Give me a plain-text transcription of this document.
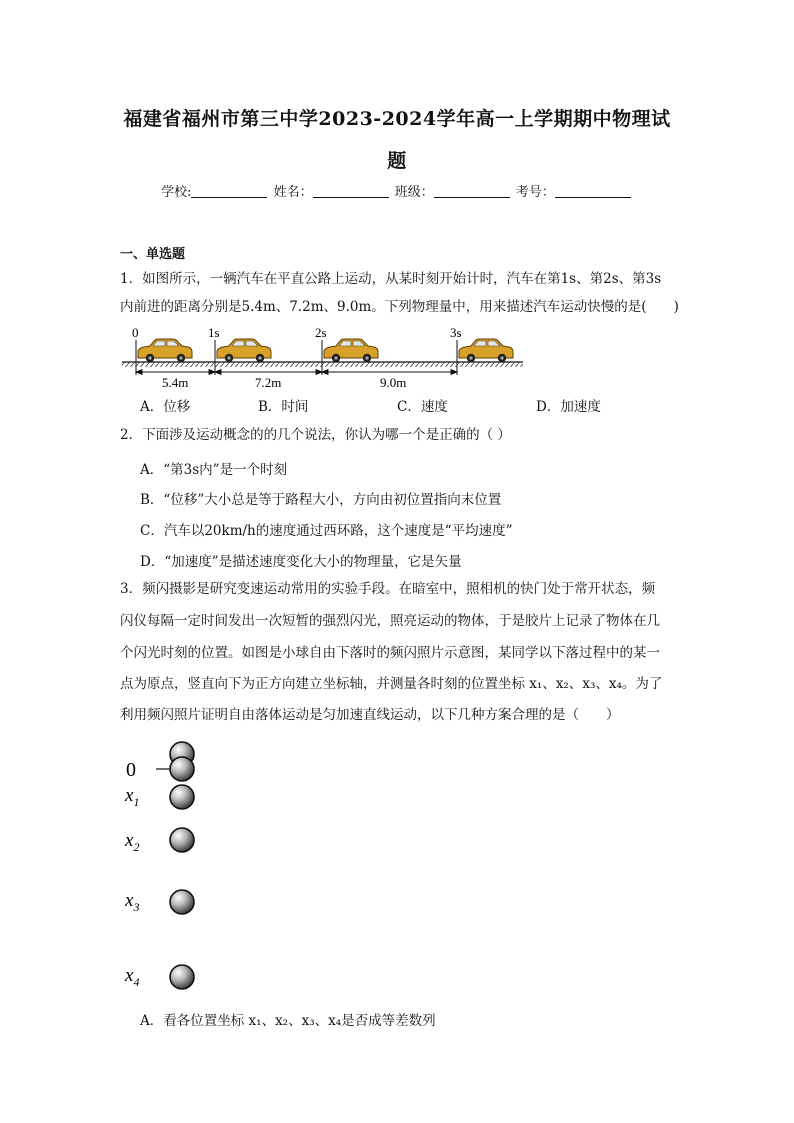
福建省福州市第三中学2023-2024学年高一上学期期中物理试
题
学校:	姓名：	班级：	考号：
一、单选题
1．如图所示，一辆汽车在平直公路上运动，从某时刻开始计时，汽车在第1s、第2s、第3s
内前进的距离分别是5.4m、7.2m、9.0m。下列物理量中，用来描述汽车运动快慢的是(　　)
0	1s	2s	3s
5.4m	7.2m	9.0m
A．位移	B．时间	C．速度	D．加速度
2．下面涉及运动概念的的几个说法，你认为哪一个是正确的（ ）
A．“第3s内”是一个时刻
B．“位移”大小总是等于路程大小，方向由初位置指向末位置
C．汽车以20km/h的速度通过西环路，这个速度是“平均速度”
D．“加速度”是描述速度变化大小的物理量，它是矢量
3．频闪摄影是研究变速运动常用的实验手段。在暗室中，照相机的快门处于常开状态，频
闪仪每隔一定时间发出一次短暂的强烈闪光，照亮运动的物体，于是胶片上记录了物体在几
个闪光时刻的位置。如图是小球自由下落时的频闪照片示意图，某同学以下落过程中的某一
点为原点，竖直向下为正方向建立坐标轴，并测量各时刻的位置坐标 x₁、x₂、x₃、x₄。为了
利用频闪照片证明自由落体运动是匀加速直线运动，以下几种方案合理的是（　　）
0
$x_1$
$x_2$
$x_3$
$x_4$
A．看各位置坐标 x₁、x₂、x₃、x₄是否成等差数列
